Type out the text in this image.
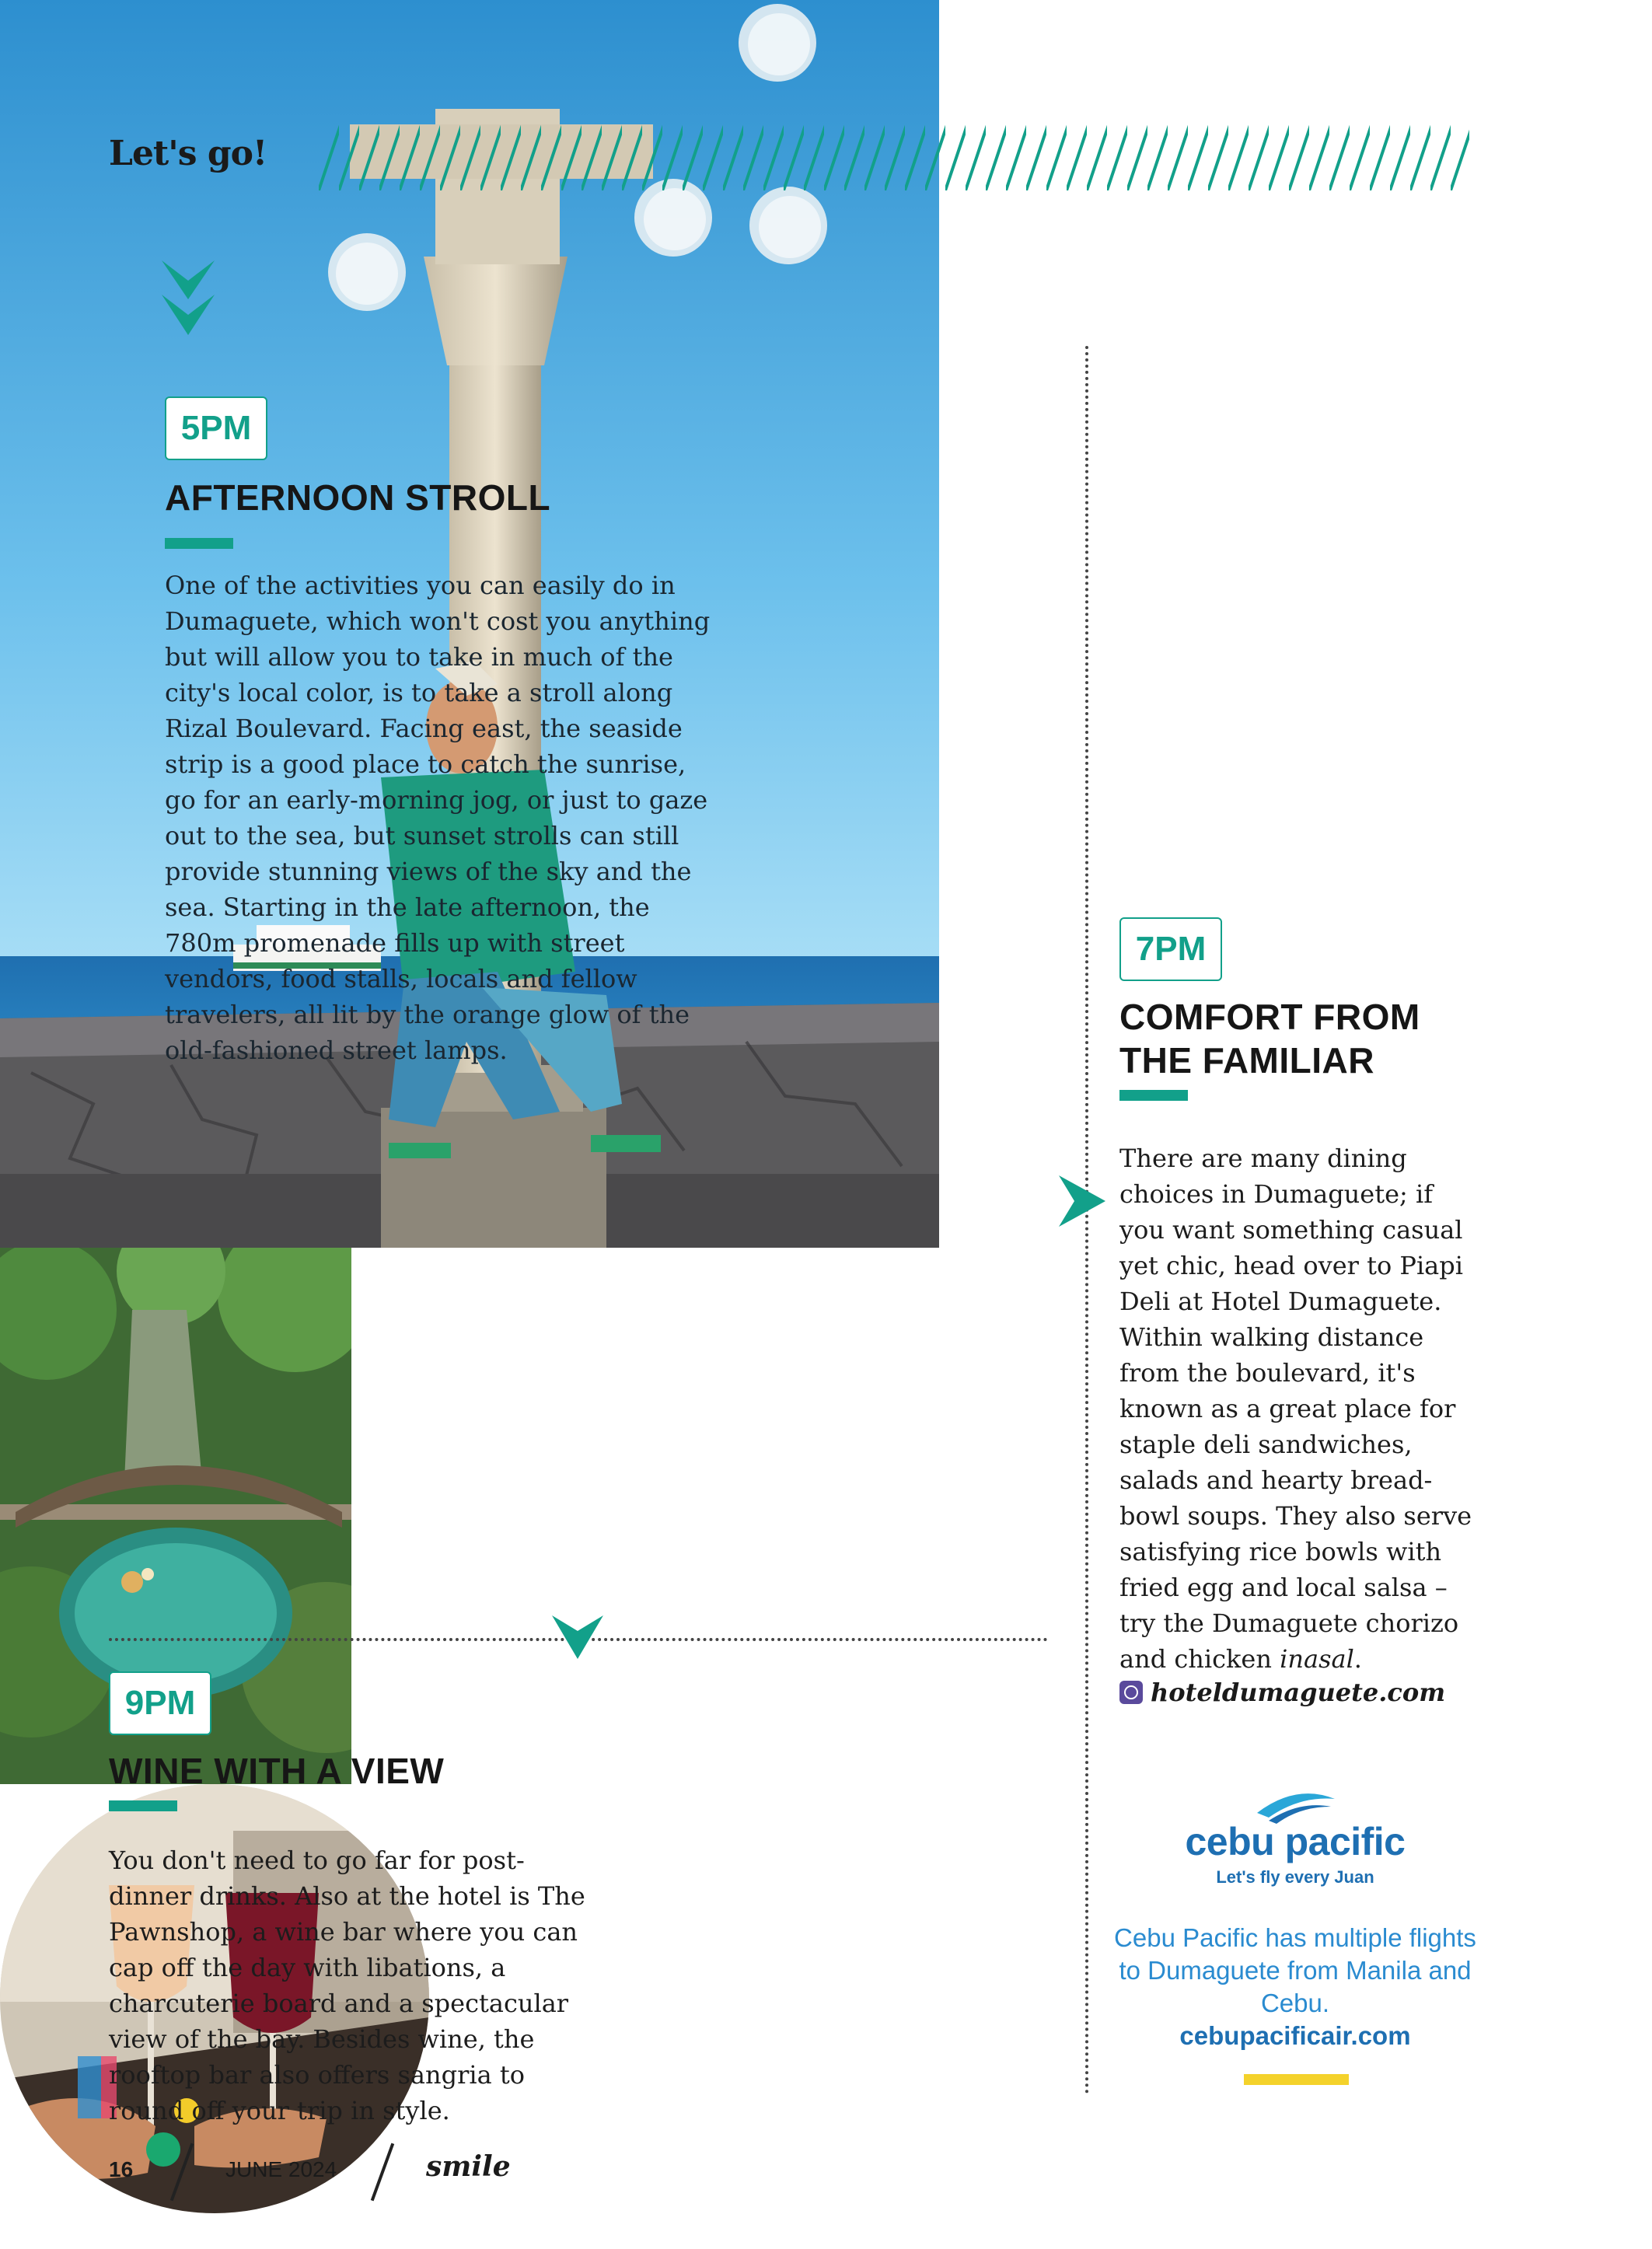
Let's go!
5PM
AFTERNOON STROLL
One of the activities you can easily do in Dumaguete, which won't cost you anything but will allow you to take in much of the city's local color, is to take a stroll along Rizal Boulevard. Facing east, the seaside strip is a good place to catch the sunrise, go for an early-morning jog, or just to gaze out to the sea, but sunset strolls can still provide stunning views of the sky and the sea. Starting in the late afternoon, the 780m promenade fills up with street vendors, food stalls, locals and fellow travelers, all lit by the orange glow of the old-fashioned street lamps.
7PM
COMFORT FROM
THE FAMILIAR
There are many dining choices in Dumaguete; if you want something casual yet chic, head over to Piapi Deli at Hotel Dumaguete. Within walking distance from the boulevard, it's known as a great place for staple deli sandwiches, salads and hearty bread-bowl soups. They also serve satisfying rice bowls with fried egg and local salsa – try the Dumaguete chorizo and chicken inasal.
hoteldumaguete.com
cebu pacific
Let's fly every Juan
Cebu Pacific has multiple flights to Dumaguete from Manila and Cebu.
cebupacificair.com
9PM
WINE WITH A VIEW
You don't need to go far for post-dinner drinks. Also at the hotel is The Pawnshop, a wine bar where you can cap off the day with libations, a charcuterie board and a spectacular view of the bay. Besides wine, the rooftop bar also offers sangria to round off your trip in style.
16	JUNE 2024	smile
